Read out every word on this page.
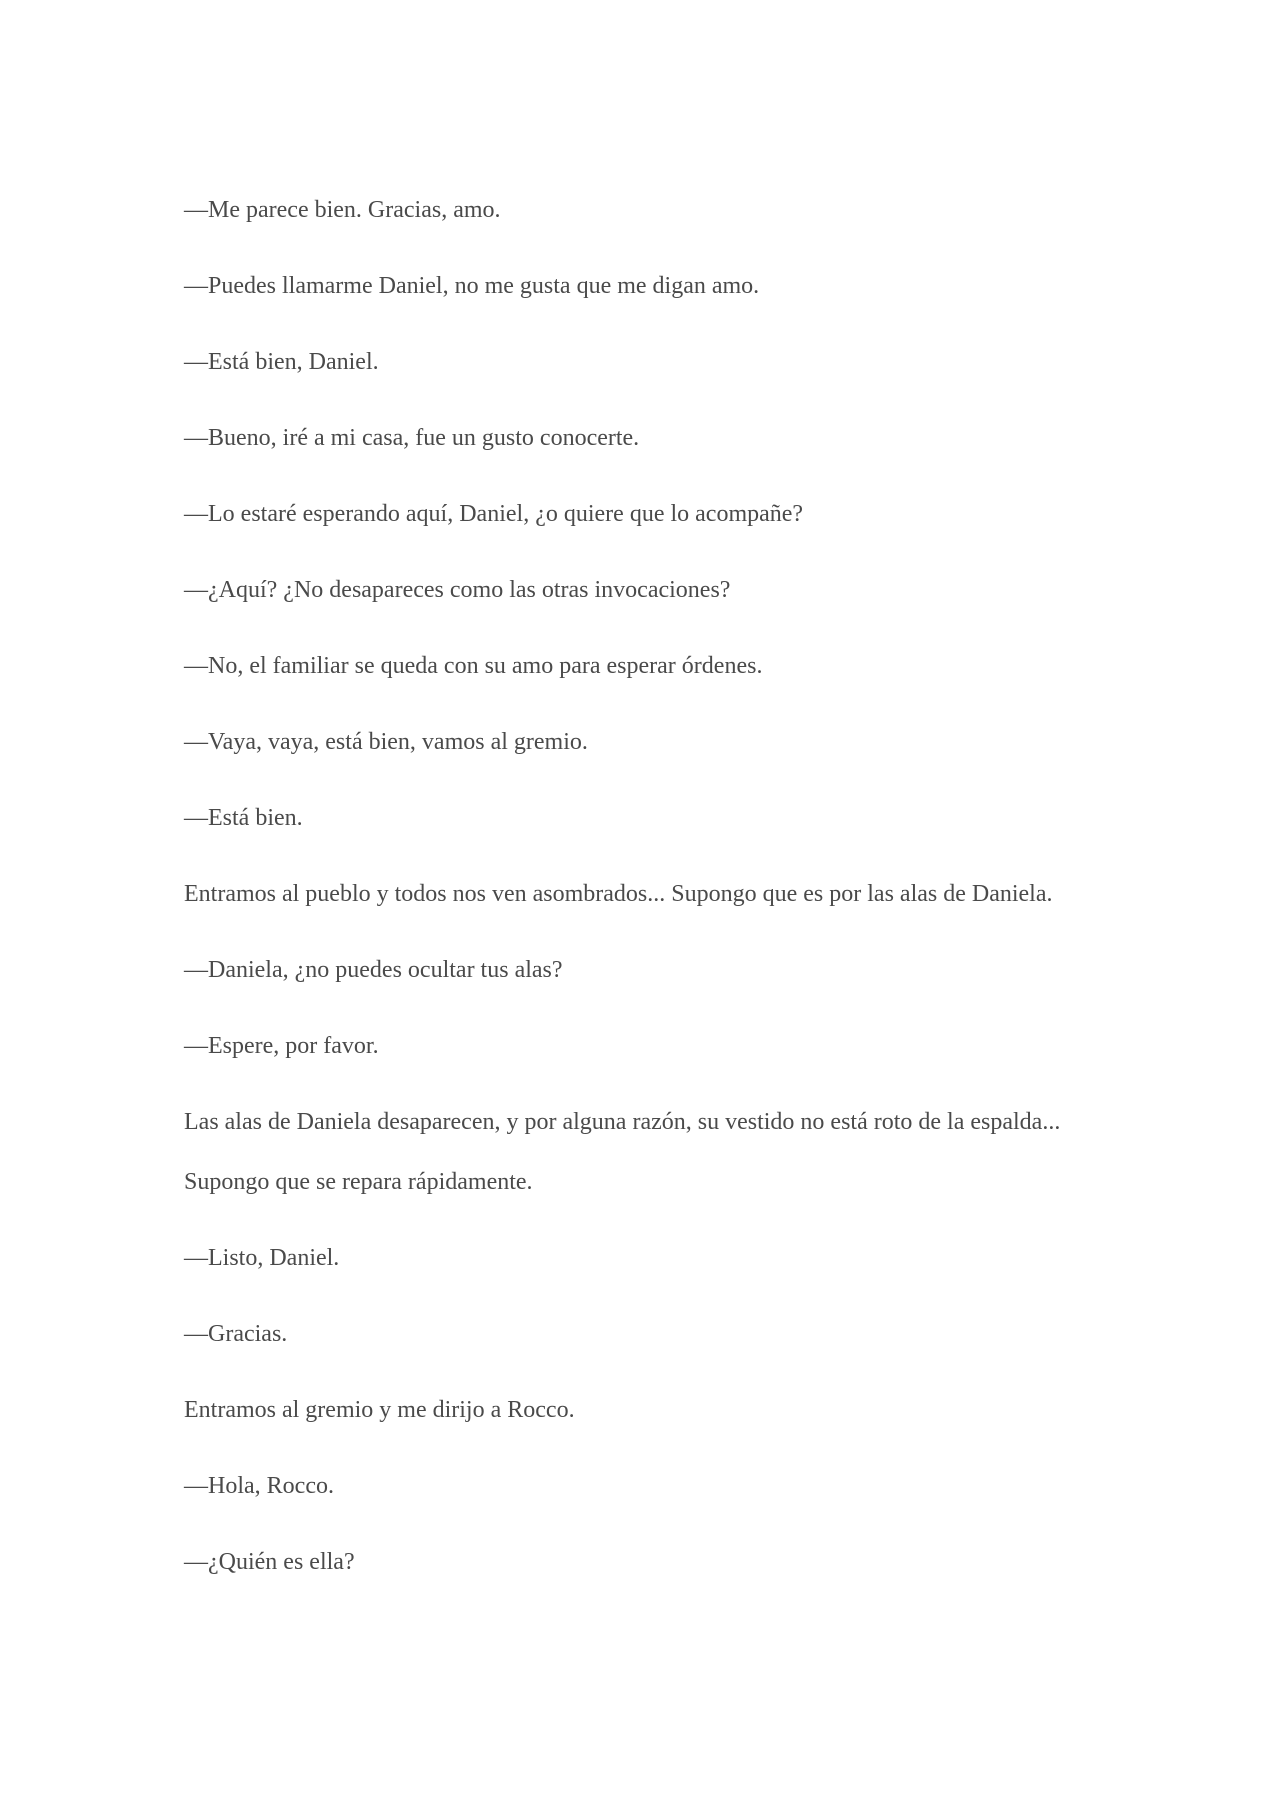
—Me parece bien. Gracias, amo.

—Puedes llamarme Daniel, no me gusta que me digan amo.

—Está bien, Daniel.

—Bueno, iré a mi casa, fue un gusto conocerte.

—Lo estaré esperando aquí, Daniel, ¿o quiere que lo acompañe?

—¿Aquí? ¿No desapareces como las otras invocaciones?

—No, el familiar se queda con su amo para esperar órdenes.

—Vaya, vaya, está bien, vamos al gremio.

—Está bien.

Entramos al pueblo y todos nos ven asombrados... Supongo que es por las alas de Daniela.

—Daniela, ¿no puedes ocultar tus alas?

—Espere, por favor.

Las alas de Daniela desaparecen, y por alguna razón, su vestido no está roto de la espalda... Supongo que se repara rápidamente.

—Listo, Daniel.

—Gracias.

Entramos al gremio y me dirijo a Rocco.

—Hola, Rocco.

—¿Quién es ella?
